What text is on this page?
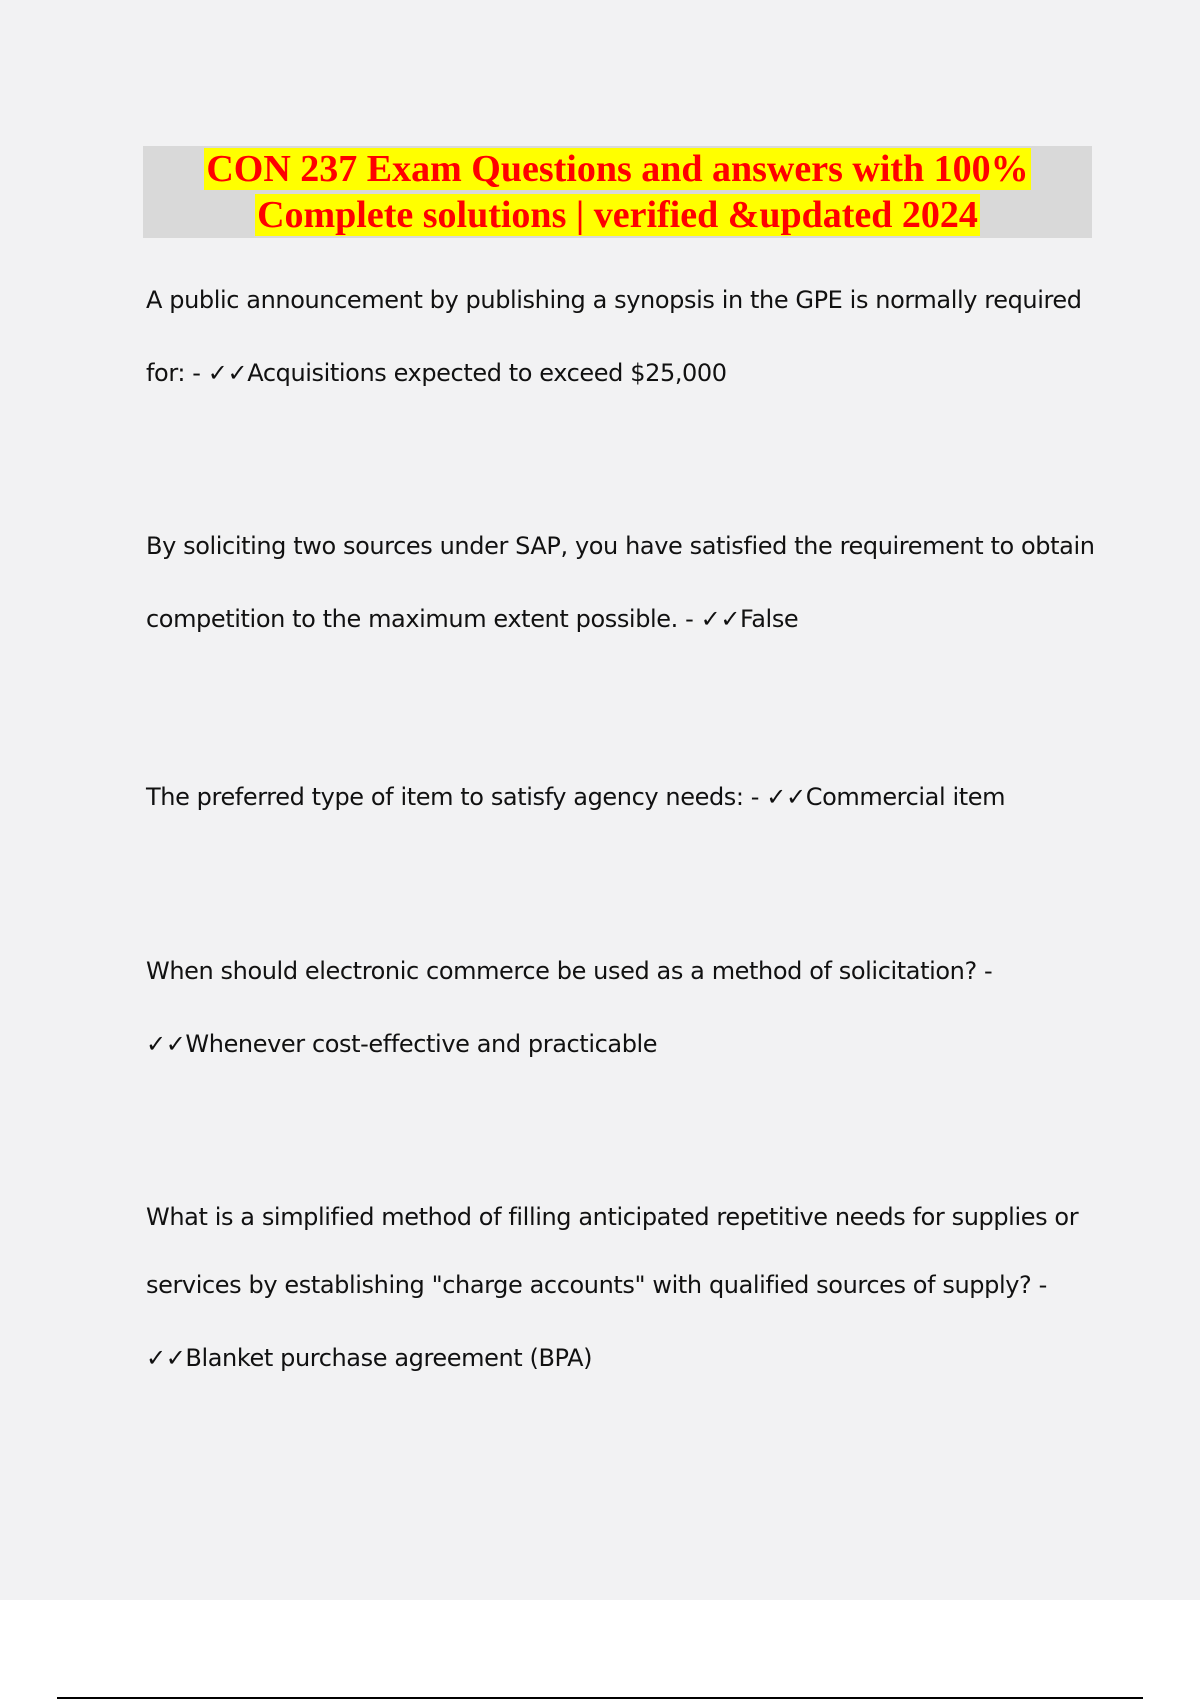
CON 237 Exam Questions and answers with 100%
Complete solutions | verified &updated 2024
A public announcement by publishing a synopsis in the GPE is normally required
for: - ✓✓Acquisitions expected to exceed $25,000
By soliciting two sources under SAP, you have satisfied the requirement to obtain
competition to the maximum extent possible. - ✓✓False
The preferred type of item to satisfy agency needs: - ✓✓Commercial item
When should electronic commerce be used as a method of solicitation? -
✓✓Whenever cost-effective and practicable
What is a simplified method of filling anticipated repetitive needs for supplies or
services by establishing "charge accounts" with qualified sources of supply? -
✓✓Blanket purchase agreement (BPA)
